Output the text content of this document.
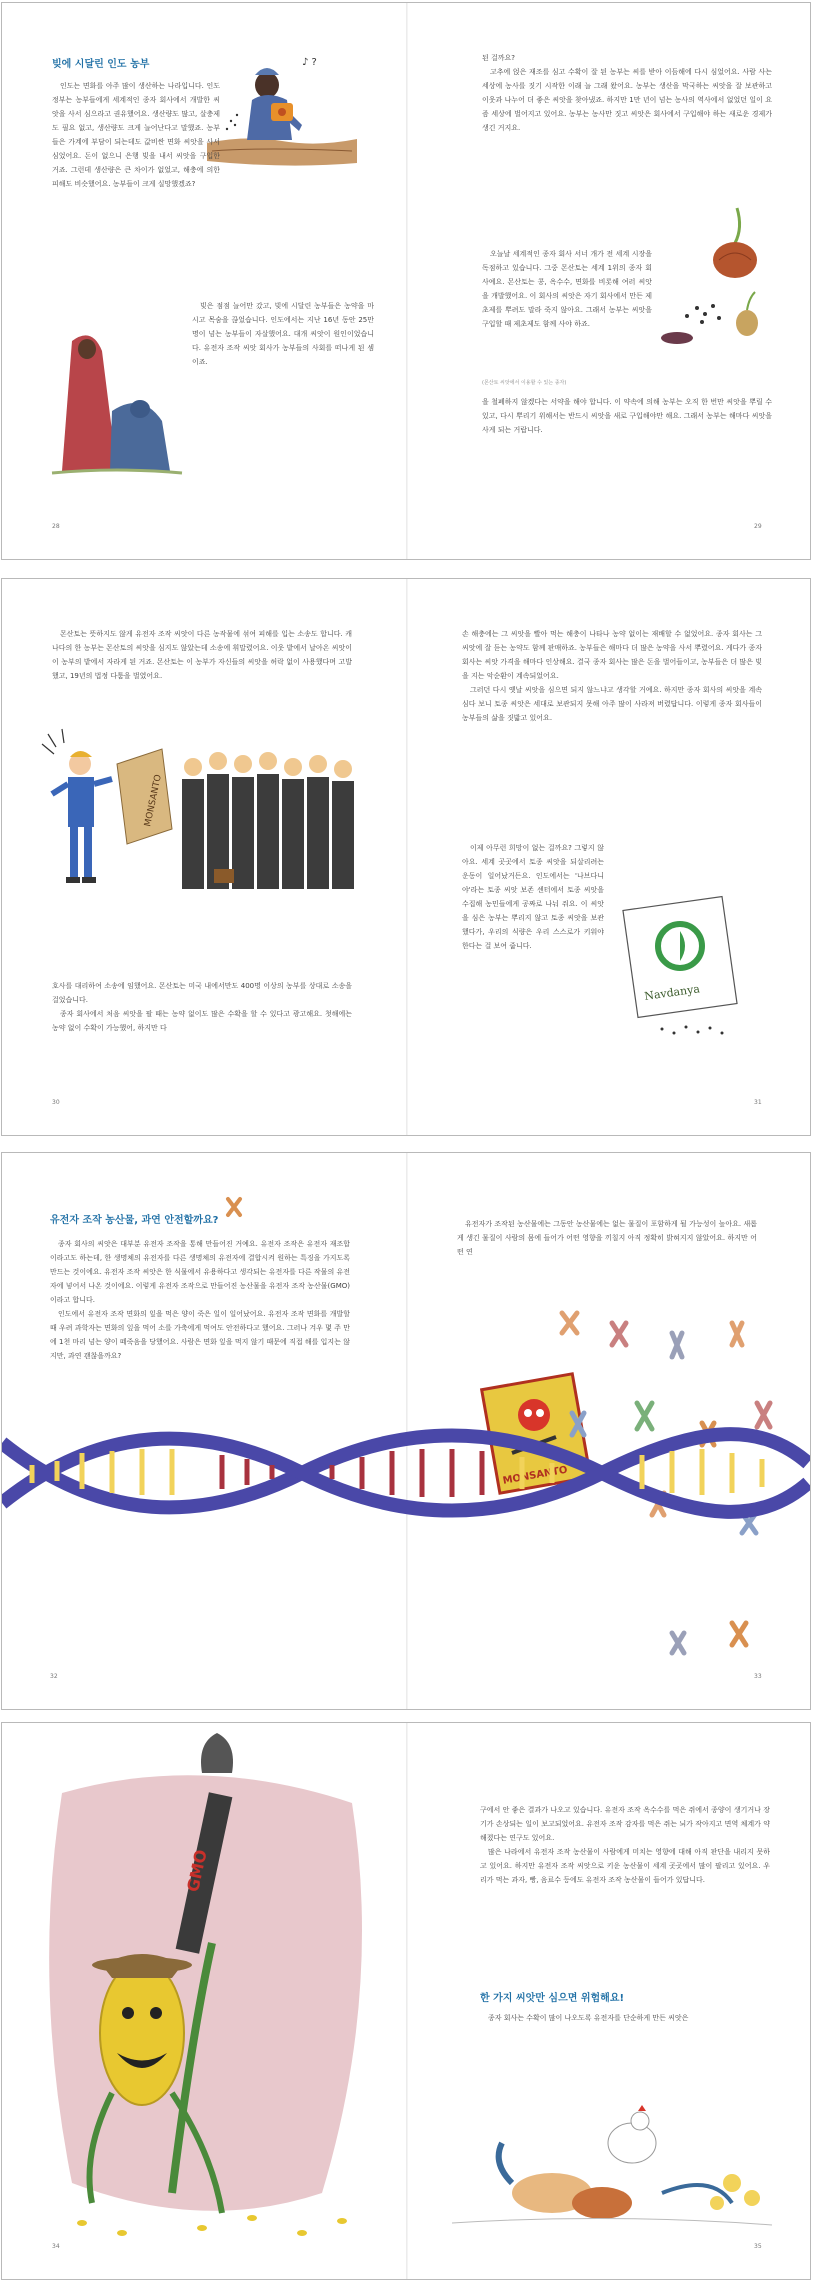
빚에 시달린 인도 농부	♪ ?

인도는 면화를 아주 많이 생산하는 나라입니다. 인도 정부는 농부들에게 세계적인 종자 회사에서 개발한 씨앗을 사서 심으라고 권유했어요. 생산량도 많고, 살충제도 필요 없고, 생산량도 크게 늘어난다고 말했죠. 농부들은 가계에 부담이 되는데도 값비싼 면화 씨앗을 사서 심었어요. 돈이 없으니 은행 빚을 내서 씨앗을 구입한 거죠. 그런데 생산량은 큰 차이가 없었고, 해충에 의한 피해도 비슷했어요. 농부들이 크게 실망했겠죠?

빚은 점점 늘어만 갔고, 빚에 시달린 농부들은 농약을 마시고 목숨을 끊었습니다. 인도에서는 지난 16년 동안 25만 명이 넘는 농부들이 자살했어요. 대개 씨앗이 원인이었습니다. 유전자 조작 씨앗 회사가 농부들의 사회를 떠나게 된 셈이죠.

28

된 걸까요?

고추에 얹은 재조를 심고 수확이 잘 된 농부는 씨를 받아 이듬해에 다시 심었어요. 사람 사는 세상에 농사를 짓기 시작한 이래 늘 그래 왔어요. 농부는 생산을 막국하는 씨앗을 잘 보관하고 이웃과 나누어 더 좋은 씨앗을 찾아냈죠. 하지만 1만 년이 넘는 농사의 역사에서 없었던 일이 요즘 세상에 벌어지고 있어요. 농부는 농사만 짓고 씨앗은 회사에서 구입해야 하는 새로운 경제가 생긴 거지요.

오늘날 세계적인 종자 회사 서너 개가 전 세계 시장을 독점하고 있습니다. 그중 몬산토는 세계 1위의 종자 회사예요. 몬산토는 콩, 옥수수, 면화를 비롯해 여러 씨앗을 개발했어요. 이 회사의 씨앗은 자기 회사에서 만든 제초제를 뿌려도 말라 죽지 않아요. 그래서 농부는 씨앗을 구입할 때 제초제도 함께 사야 하죠.

(몬산토 씨앗에서 이용할 수 있는 종자)

을 철폐하지 않겠다는 서약을 해야 합니다. 이 약속에 의해 농부는 오직 한 번만 씨앗을 뿌릴 수 있고, 다시 뿌리기 위해서는 반드시 씨앗을 새로 구입해야만 해요. 그래서 농부는 해마다 씨앗을 사게 되는 거랍니다.

29

몬산토는 뜻하지도 않게 유전자 조작 씨앗이 다른 농작물에 섞여 피해를 입는 소송도 합니다. 캐나다의 한 농부는 몬산토의 씨앗을 심지도 않았는데 소송에 휘말렸어요. 이웃 밭에서 날아온 씨앗이 이 농부의 밭에서 자라게 된 거죠. 몬산토는 이 농부가 자신들의 씨앗을 허락 없이 사용했다며 고발했고, 19년의 법정 다툼을 벌였어요.

MONSANTO

호사를 대리하여 소송에 임했어요. 몬산토는 미국 내에서만도 400명 이상의 농부를 상대로 소송을 걸었습니다.

종자 회사에서 처음 씨앗을 팔 때는 농약 없이도 많은 수확을 할 수 있다고 광고해요. 첫해에는 농약 없이 수확이 가능했어, 하지만 다

30

손 해충에는 그 씨앗을 빨아 먹는 해충이 나타나 농약 없이는 재배할 수 없었어요. 종자 회사는 그 씨앗에 잘 듣는 농약도 함께 판매하죠. 농부들은 해마다 더 많은 농약을 사서 뿌렸어요. 게다가 종자 회사는 씨앗 가격을 해마다 인상해요. 결국 종자 회사는 많은 돈을 벌어들이고, 농부들은 더 많은 빚을 지는 악순환이 계속되었어요.

그러던 다시 옛날 씨앗을 심으면 되지 않느냐고 생각할 거예요. 하지만 종자 회사의 씨앗을 계속 심다 보니 토종 씨앗은 세대로 보관되지 못해 아주 많이 사라져 버렸답니다. 이렇게 종자 회사들이 농부들의 삶을 짓밟고 있어요.

이제 아무런 희망이 없는 걸까요? 그렇지 않아요. 세계 곳곳에서 토종 씨앗을 되살리려는 운동이 일어났거든요. 인도에서는 '나브다니야'라는 토종 씨앗 보존 센터에서 토종 씨앗을 수집해 농민들에게 공짜로 나눠 줘요. 이 씨앗을 심은 농부는 뿌리지 않고 토종 씨앗을 보관했다가, 우리의 식량은 우리 스스로가 키워야 한다는 걸 보여 줍니다.

Navdanya
31
유전자 조작 농산물, 과연 안전할까요?

종자 회사의 씨앗은 대부분 유전자 조작을 통해 만들어진 거예요. 유전자 조작은 유전자 재조합이라고도 하는데, 한 생명체의 유전자를 다른 생명체의 유전자에 결합시켜 원하는 특징을 가지도록 만드는 것이에요. 유전자 조작 씨앗은 한 식물에서 유용하다고 생각되는 유전자를 다른 작물의 유전자에 넣어서 나온 것이에요. 이렇게 유전자 조작으로 만들어진 농산물을 유전자 조작 농산물(GMO)이라고 합니다.

인도에서 유전자 조작 면화의 잎을 먹은 양이 죽은 일이 일어났어요. 유전자 조작 면화를 개발할 때 우려 과학자는 면화의 잎을 먹어 소를 가축에게 먹여도 안전하다고 했어요. 그러나 겨우 몇 주 만에 1천 마리 넘는 양이 떼죽음을 당했어요. 사람은 면화 잎을 먹지 않기 때문에 직접 해를 입지는 않지만, 과연 괜찮을까요?

32

유전자가 조작된 농산물에는 그동안 농산물에는 없는 물질이 포함하게 될 가능성이 높아요. 새롭게 생긴 물질이 사람의 몸에 들어가 어떤 영향을 끼칠지 아직 정확히 밝혀지지 않았어요. 하지만 어떤 연

MONSANTO
33
GMO
34

구에서 안 좋은 결과가 나오고 있습니다. 유전자 조작 옥수수를 먹은 쥐에서 종양이 생기거나 장기가 손상되는 일이 보고되었어요. 유전자 조작 감자를 먹은 쥐는 뇌가 작아지고 면역 체계가 약해졌다는 연구도 있어요.

많은 나라에서 유전자 조작 농산물이 사람에게 미치는 영향에 대해 아직 판단을 내리지 못하고 있어요. 하지만 유전자 조작 씨앗으로 키운 농산물이 세계 곳곳에서 많이 팔리고 있어요. 우리가 먹는 과자, 빵, 음료수 등에도 유전자 조작 농산물이 들어가 있답니다.

한 가지 씨앗만 심으면 위험해요!

종자 회사는 수확이 많이 나오도록 유전자를 단순하게 만든 씨앗은

35
